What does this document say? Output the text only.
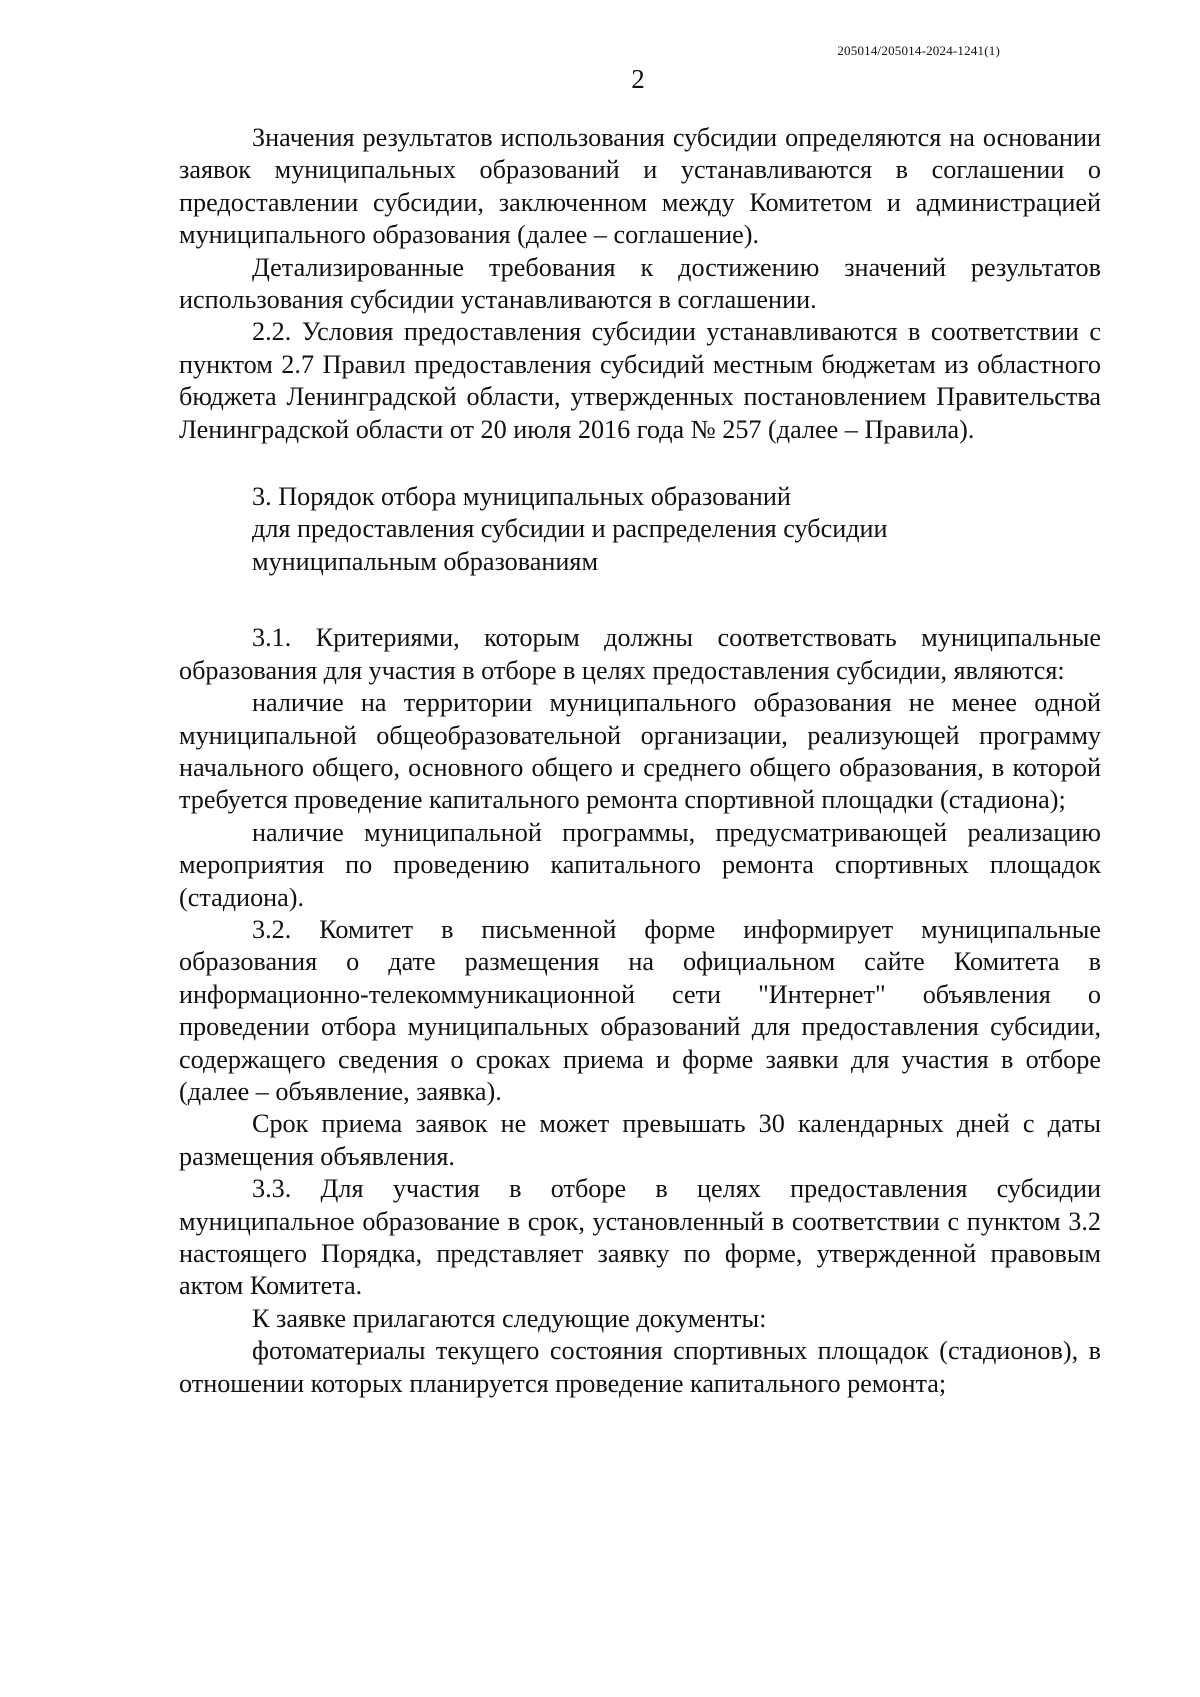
205014/205014-2024-1241(1)
2

Значения результатов использования субсидии определяются на основании заявок муниципальных образований и устанавливаются в соглашении о предоставлении субсидии, заключенном между Комитетом и администрацией муниципального образования (далее – соглашение).

Детализированные требования к достижению значений результатов использования субсидии устанавливаются в соглашении.

2.2. Условия предоставления субсидии устанавливаются в соответствии с пунктом 2.7 Правил предоставления субсидий местным бюджетам из областного бюджета Ленинградской области, утвержденных постановлением Правительства Ленинградской области от 20 июля 2016 года № 257 (далее – Правила).

3. Порядок отбора муниципальных образований
для предоставления субсидии и распределения субсидии
муниципальным образованиям

3.1. Критериями, которым должны соответствовать муниципальные образования для участия в отборе в целях предоставления субсидии, являются:

наличие на территории муниципального образования не менее одной муниципальной общеобразовательной организации, реализующей программу начального общего, основного общего и среднего общего образования, в которой требуется проведение капитального ремонта спортивной площадки (стадиона);

наличие муниципальной программы, предусматривающей реализацию мероприятия по проведению капитального ремонта спортивных площадок (стадиона).

3.2. Комитет в письменной форме информирует муниципальные образования о дате размещения на официальном сайте Комитета в информационно-телекоммуникационной сети "Интернет" объявления о проведении отбора муниципальных образований для предоставления субсидии, содержащего сведения о сроках приема и форме заявки для участия в отборе (далее – объявление, заявка).

Срок приема заявок не может превышать 30 календарных дней с даты размещения объявления.

3.3. Для участия в отборе в целях предоставления субсидии муниципальное образование в срок, установленный в соответствии с пунктом 3.2 настоящего Порядка, представляет заявку по форме, утвержденной правовым актом Комитета.

К заявке прилагаются следующие документы:

фотоматериалы текущего состояния спортивных площадок (стадионов), в отношении которых планируется проведение капитального ремонта;
